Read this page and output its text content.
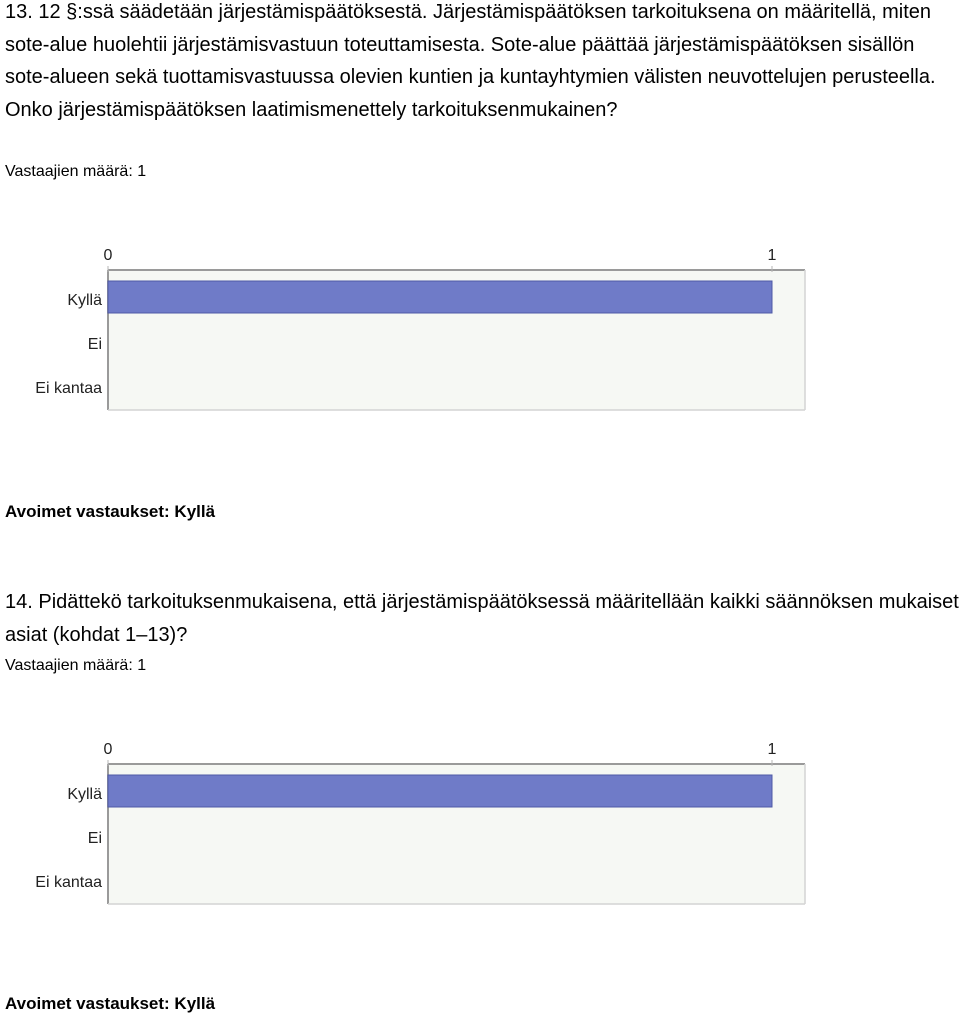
13. 12 §:ssä säädetään järjestämispäätöksestä. Järjestämispäätöksen tarkoituksena on määritellä, miten sote-alue huolehtii järjestämisvastuun toteuttamisesta. Sote-alue päättää järjestämispäätöksen sisällön sote-alueen sekä tuottamisvastuussa olevien kuntien ja kuntayhtymien välisten neuvottelujen perusteella. Onko järjestämispäätöksen laatimismenettely tarkoituksenmukainen?

Vastaajien määrä: 1
0	1
Kyllä
Ei
Ei kantaa
Avoimet vastaukset: Kyllä

14. Pidättekö tarkoituksenmukaisena, että järjestämispäätöksessä määritellään kaikki säännöksen mukaiset asiat (kohdat 1–13)?

Vastaajien määrä: 1
0	1
Kyllä
Ei
Ei kantaa
Avoimet vastaukset: Kyllä
